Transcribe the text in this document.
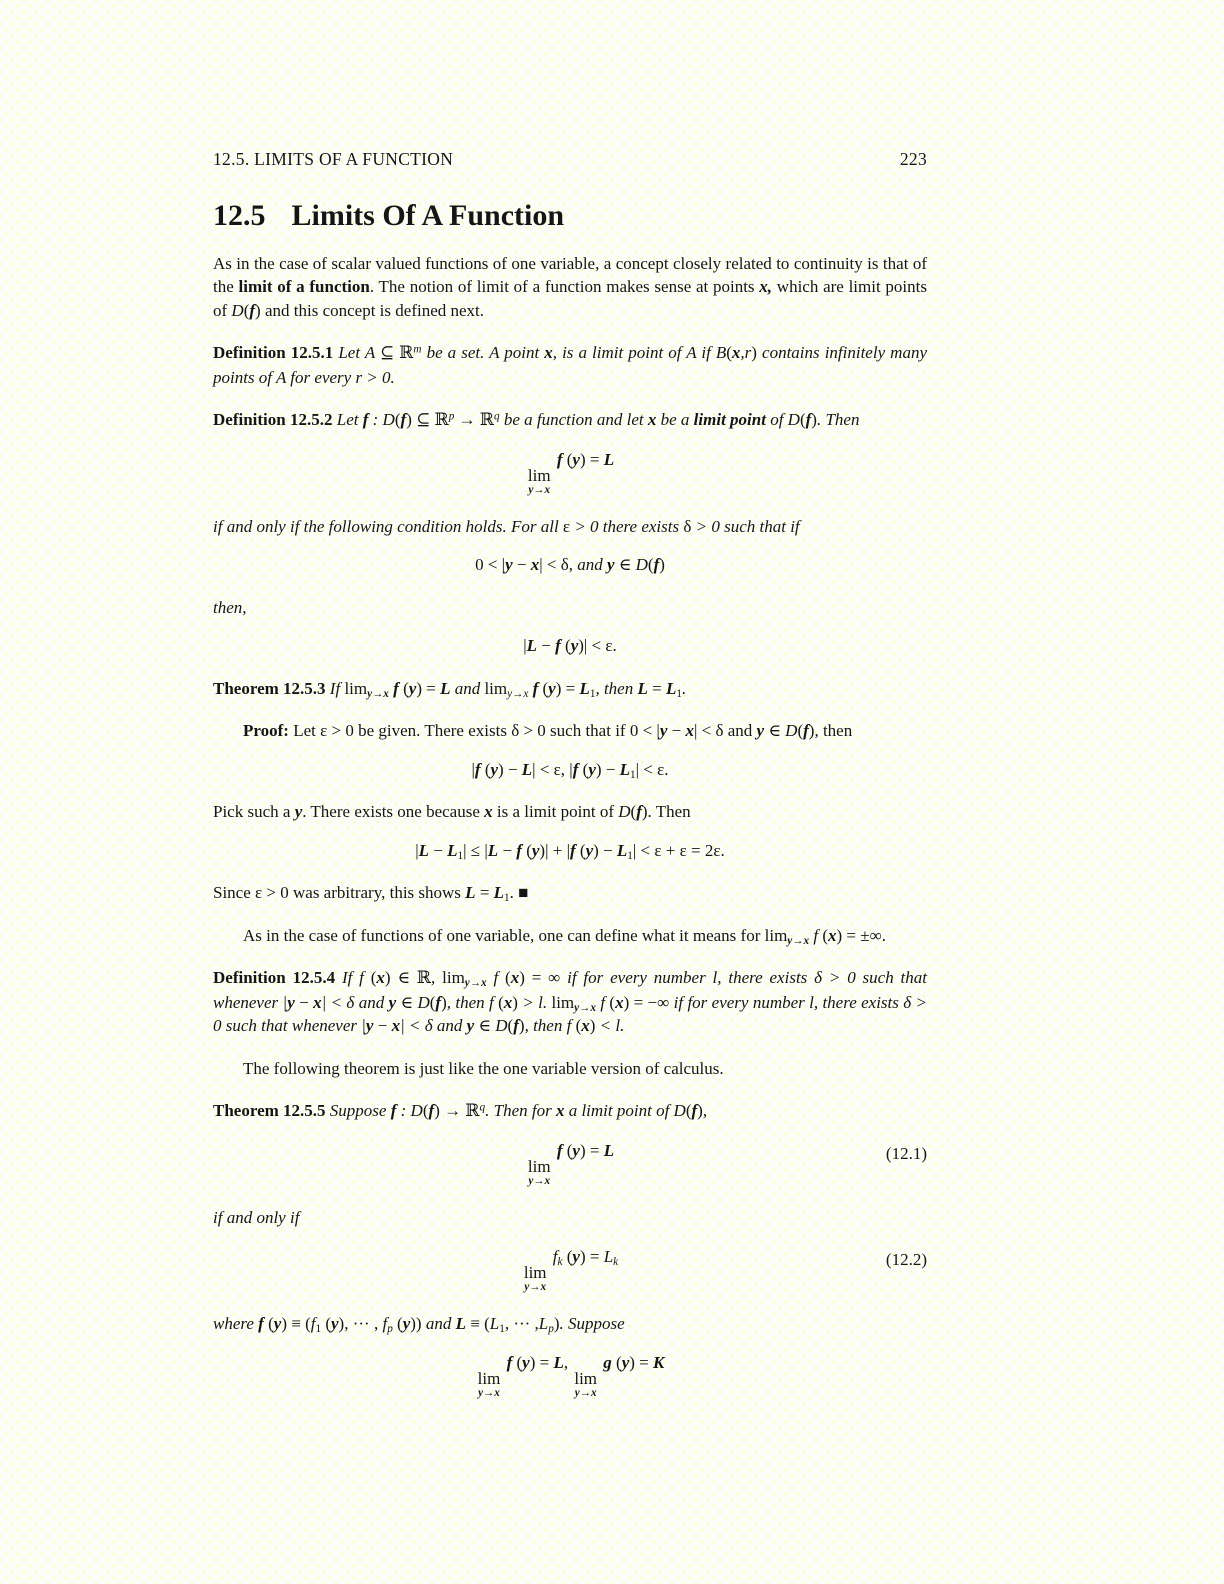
12.5. LIMITS OF A FUNCTION	223
12.5 Limits Of A Function
As in the case of scalar valued functions of one variable, a concept closely related to continuity is that of the limit of a function. The notion of limit of a function makes sense at points x, which are limit points of D(f) and this concept is defined next.
Definition 12.5.1 Let A ⊆ ℝ$^m$ be a set. A point x, is a limit point of A if B(x,r) contains infinitely many points of A for every r > 0.
Definition 12.5.2 Let f : D(f) ⊆ ℝ$^p$ → ℝ$^q$ be a function and let x be a limit point of D(f). Then
lim
y→x
f (y) = L
if and only if the following condition holds. For all ε > 0 there exists δ > 0 such that if
0 < |y − x| < δ, and y ∈ D(f)
then,
|L − f (y)| < ε.
Theorem 12.5.3 If $\lim_{y\to x} f$ (y) = L and $\lim_{y\to x} f$ $(y) = L_1$, then $L = L_1$.
Proof: Let ε > 0 be given. There exists δ > 0 such that if 0 < |y − x| < δ and y ∈ D(f), then
|f (y) − L| < ε, |f $(y) - L_1| < \varepsilon$.
Pick such a y. There exists one because x is a limit point of D(f). Then
$|L - L_1| \le |L - f$ (y)| + |f $(y) - L_1| < \varepsilon + \varepsilon = 2\varepsilon$.
Since ε > 0 was arbitrary, this shows $L = L_1$. ■
As in the case of functions of one variable, one can define what it means for $\lim_{y\to x} f$ (x) = ±∞.
Definition 12.5.4 If f (x) ∈ ℝ, $\lim_{y\to x} f$ (x) = ∞ if for every number l, there exists δ > 0 such that whenever |y − x| < δ and y ∈ D(f), then f (x) > l. $\lim_{y\to x} f$ (x) = −∞ if for every number l, there exists δ > 0 such that whenever |y − x| < δ and y ∈ D(f), then f (x) < l.
The following theorem is just like the one variable version of calculus.
Theorem 12.5.5 Suppose f : D(f) → ℝ$^q$. Then for x a limit point of D(f),
lim
y→x
f (y) = L	(12.1)
if and only if
lim
y→x
$f_k$ $(y) = L_k$	(12.2)
where f $(y) \equiv (f_1$ (y), ··· , $f_p$ (y)) and $L \equiv (L_1$, ··· $,L_p$). Suppose
lim
y→x
f (y) = L,
lim
y→x
g (y) = K
